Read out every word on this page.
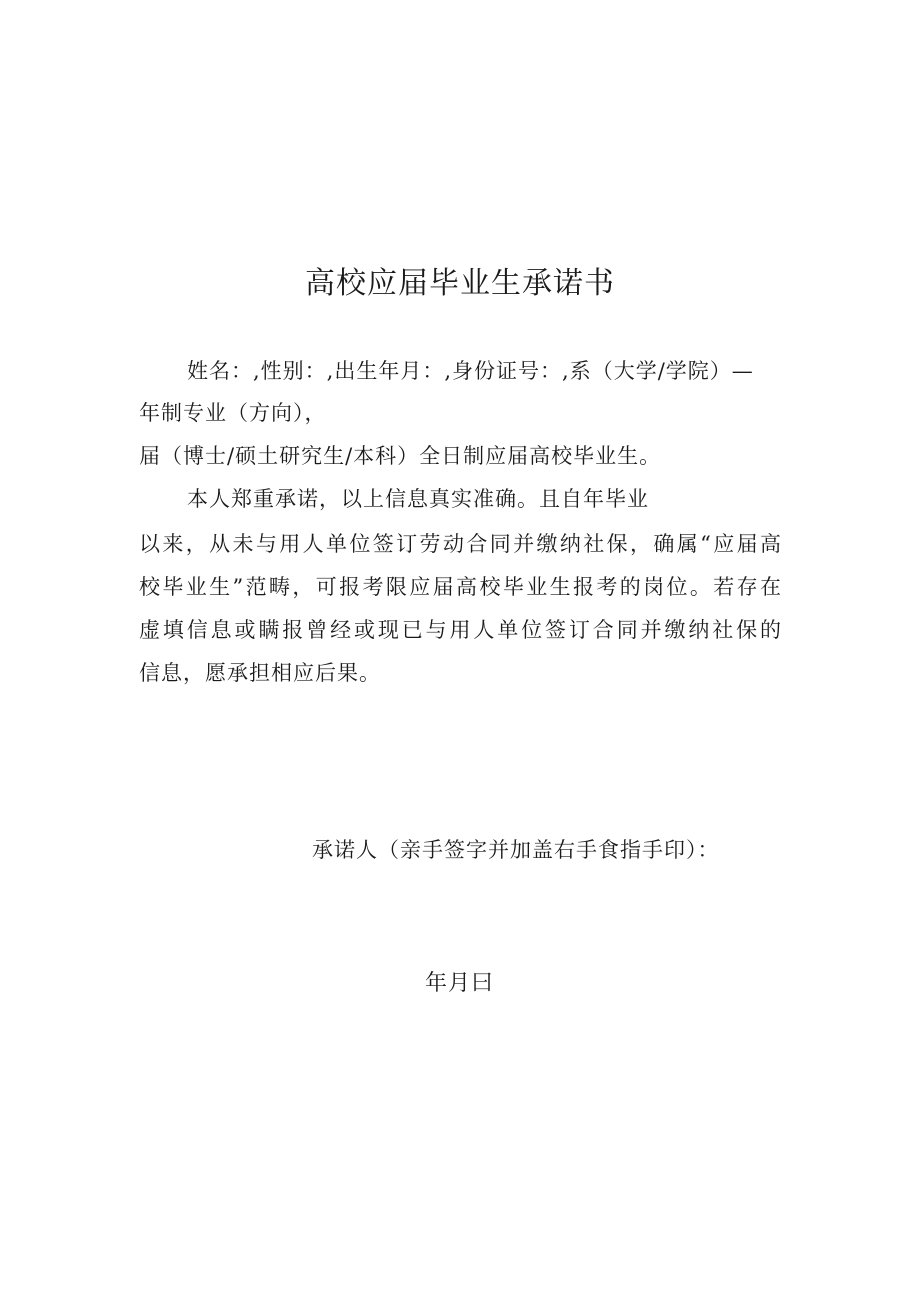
高校应届毕业生承诺书
姓名：,性别：,出生年月：,身份证号：,系（大学/学院）—
年制专业（方向），
届（博士/硕土研究生/本科）全日制应届高校毕业生。
本人郑重承诺，以上信息真实准确。且自年毕业
以来，从未与用人单位签订劳动合同并缴纳社保，确属“应届高
校毕业生”范畴，可报考限应届高校毕业生报考的岗位。若存在
虚填信息或瞒报曾经或现已与用人单位签订合同并缴纳社保的
信息，愿承担相应后果。
承诺人（亲手签字并加盖右手食指手印）：
年月曰
